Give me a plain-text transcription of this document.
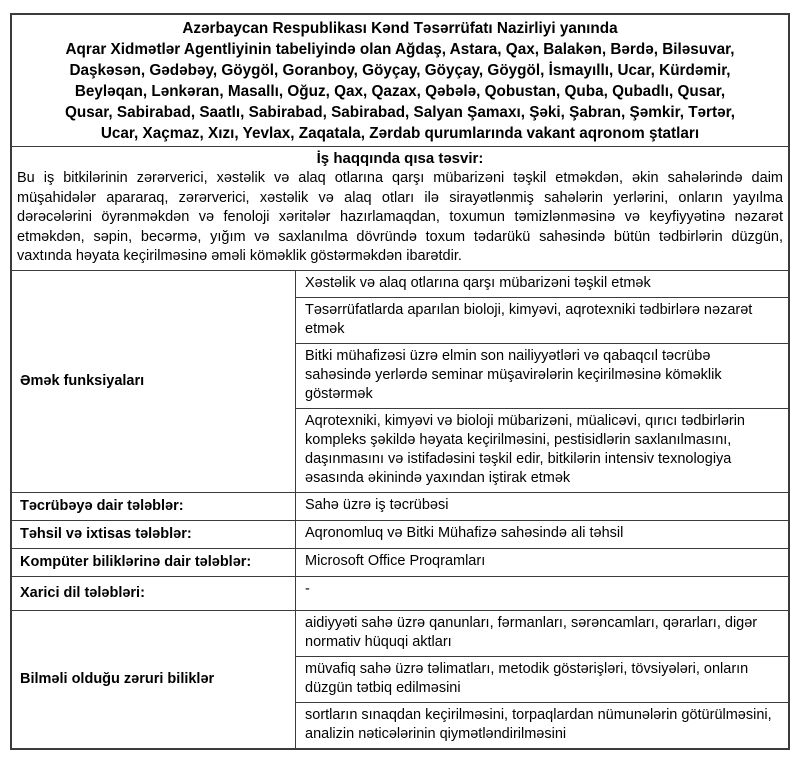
Azərbaycan Respublikası Kənd Təsərrüfatı Nazirliyi yanında
Aqrar Xidmətlər Agentliyinin tabeliyində olan Ağdaş, Astara, Qax, Balakən, Bərdə, Biləsuvar,
Daşkəsən, Gədəbəy, Göygöl, Goranboy, Göyçay, Göyçay, Göygöl, İsmayıllı, Ucar, Kürdəmir,
Beyləqan, Lənkəran, Masallı, Oğuz, Qax, Qazax, Qəbələ, Qobustan, Quba, Qubadlı, Qusar,
Qusar, Sabirabad, Saatlı, Sabirabad, Sabirabad, Salyan Şamaxı, Şəki, Şabran, Şəmkir, Tərtər,
Ucar, Xaçmaz, Xızı, Yevlax, Zaqatala, Zərdab qurumlarında vakant aqronom ştatları
İş haqqında qısa təsvir:
Bu iş bitkilərinin zərərverici, xəstəlik və alaq otlarına qarşı mübarizəni təşkil etməkdən, əkin sahələrində daim müşahidələr apararaq, zərərverici, xəstəlik və alaq otları ilə sirayətlənmiş sahələrin yerlərini, onların yayılma dərəcələrini öyrənməkdən və fenoloji xəritələr hazırlamaqdan, toxumun təmizlənməsinə və keyfiyyətinə nəzarət etməkdən, səpin, becərmə, yığım və saxlanılma dövründə toxum tədarükü sahəsində bütün tədbirlərin düzgün, vaxtında həyata keçirilməsinə əməli köməklik göstərməkdən ibarətdir.
Əmək funksiyaları
Xəstəlik və alaq otlarına qarşı mübarizəni təşkil etmək
Təsərrüfatlarda aparılan bioloji, kimyəvi, aqrotexniki tədbirlərə nəzarət etmək
Bitki mühafizəsi üzrə elmin son nailiyyətləri və qabaqcıl təcrübə sahəsində yerlərdə seminar müşavirələrin keçirilməsinə köməklik göstərmək
Aqrotexniki, kimyəvi və bioloji mübarizəni, müalicəvi, qırıcı tədbirlərin kompleks şəkildə həyata keçirilməsini, pestisidlərin saxlanılmasını, daşınmasını və istifadəsini təşkil edir, bitkilərin intensiv texnologiya əsasında əkinində yaxından iştirak etmək
Təcrübəyə dair tələblər:	Sahə üzrə iş təcrübəsi
Təhsil və ixtisas tələblər:	Aqronomluq və Bitki Mühafizə sahəsində ali təhsil
Kompüter biliklərinə dair tələblər:	Microsoft Office Proqramları
Xarici dil tələbləri:	-
Bilməli olduğu zəruri biliklər
aidiyyəti sahə üzrə qanunları, fərmanları, sərəncamları, qərarları, digər normativ hüquqi aktları
müvafiq sahə üzrə təlimatları, metodik göstərişləri, tövsiyələri, onların düzgün tətbiq edilməsini
sortların sınaqdan keçirilməsini, torpaqlardan nümunələrin götürülməsini, analizin nəticələrinin qiymətləndirilməsini
